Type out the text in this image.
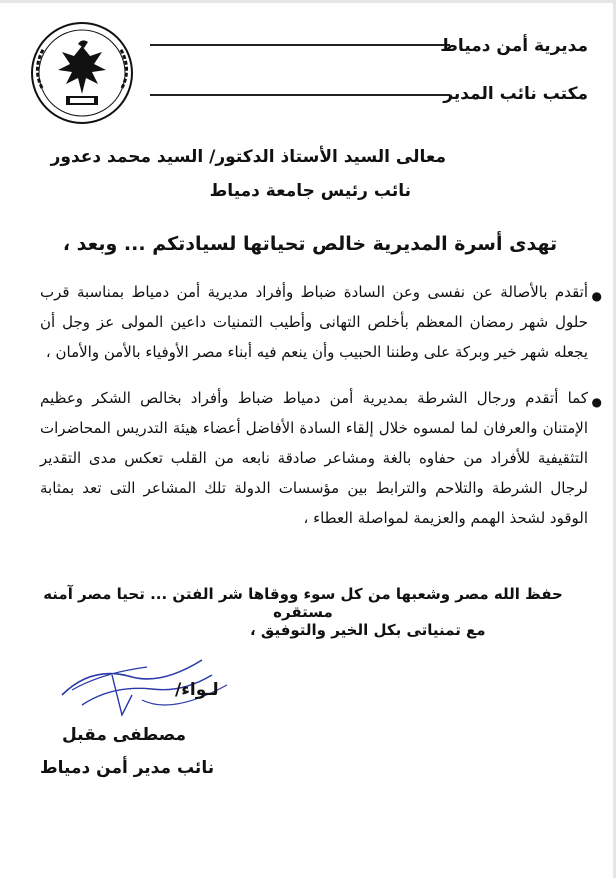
مديرية أمن دمياط
مكتب نائب المدير
معالى السيد الأستاذ الدكتور/ السيد محمد دعدور
نائب رئيس جامعة دمياط
تهدى أسرة المديرية خالص تحياتها لسيادتكم ... وبعد ،
●
أتقدم بالأصالة عن نفسى وعن السادة ضباط وأفراد مديرية أمن دمياط بمناسبة قرب حلول شهر رمضان المعظم بأخلص التهانى وأطيب التمنيات داعين المولى عز وجل أن يجعله شهر خير وبركة على وطننا الحبيب وأن ينعم فيه أبناء مصر الأوفياء بالأمن والأمان ،
●
كما أتقدم ورجال الشرطة بمديرية أمن دمياط ضباط وأفراد بخالص الشكر وعظيم الإمتنان والعرفان لما لمسوه خلال إلقاء السادة الأفاضل أعضاء هيئة التدريس المحاضرات التثقيفية للأفراد من حفاوه بالغة ومشاعر صادقة نابعه من القلب تعكس مدى التقدير لرجال الشرطة والتلاحم والترابط بين مؤسسات الدولة تلك المشاعر التى تعد بمثابة الوقود لشحذ الهمم والعزيمة لمواصلة العطاء ،
حفظ الله مصر وشعبها من كل سوء ووقاها شر الفتن ... تحيا مصر آمنه مستقره
مع تمنياتى بكل الخير والتوفيق ،
لـواء/
مصطفى مقبل
نائب مدير أمن دمياط
